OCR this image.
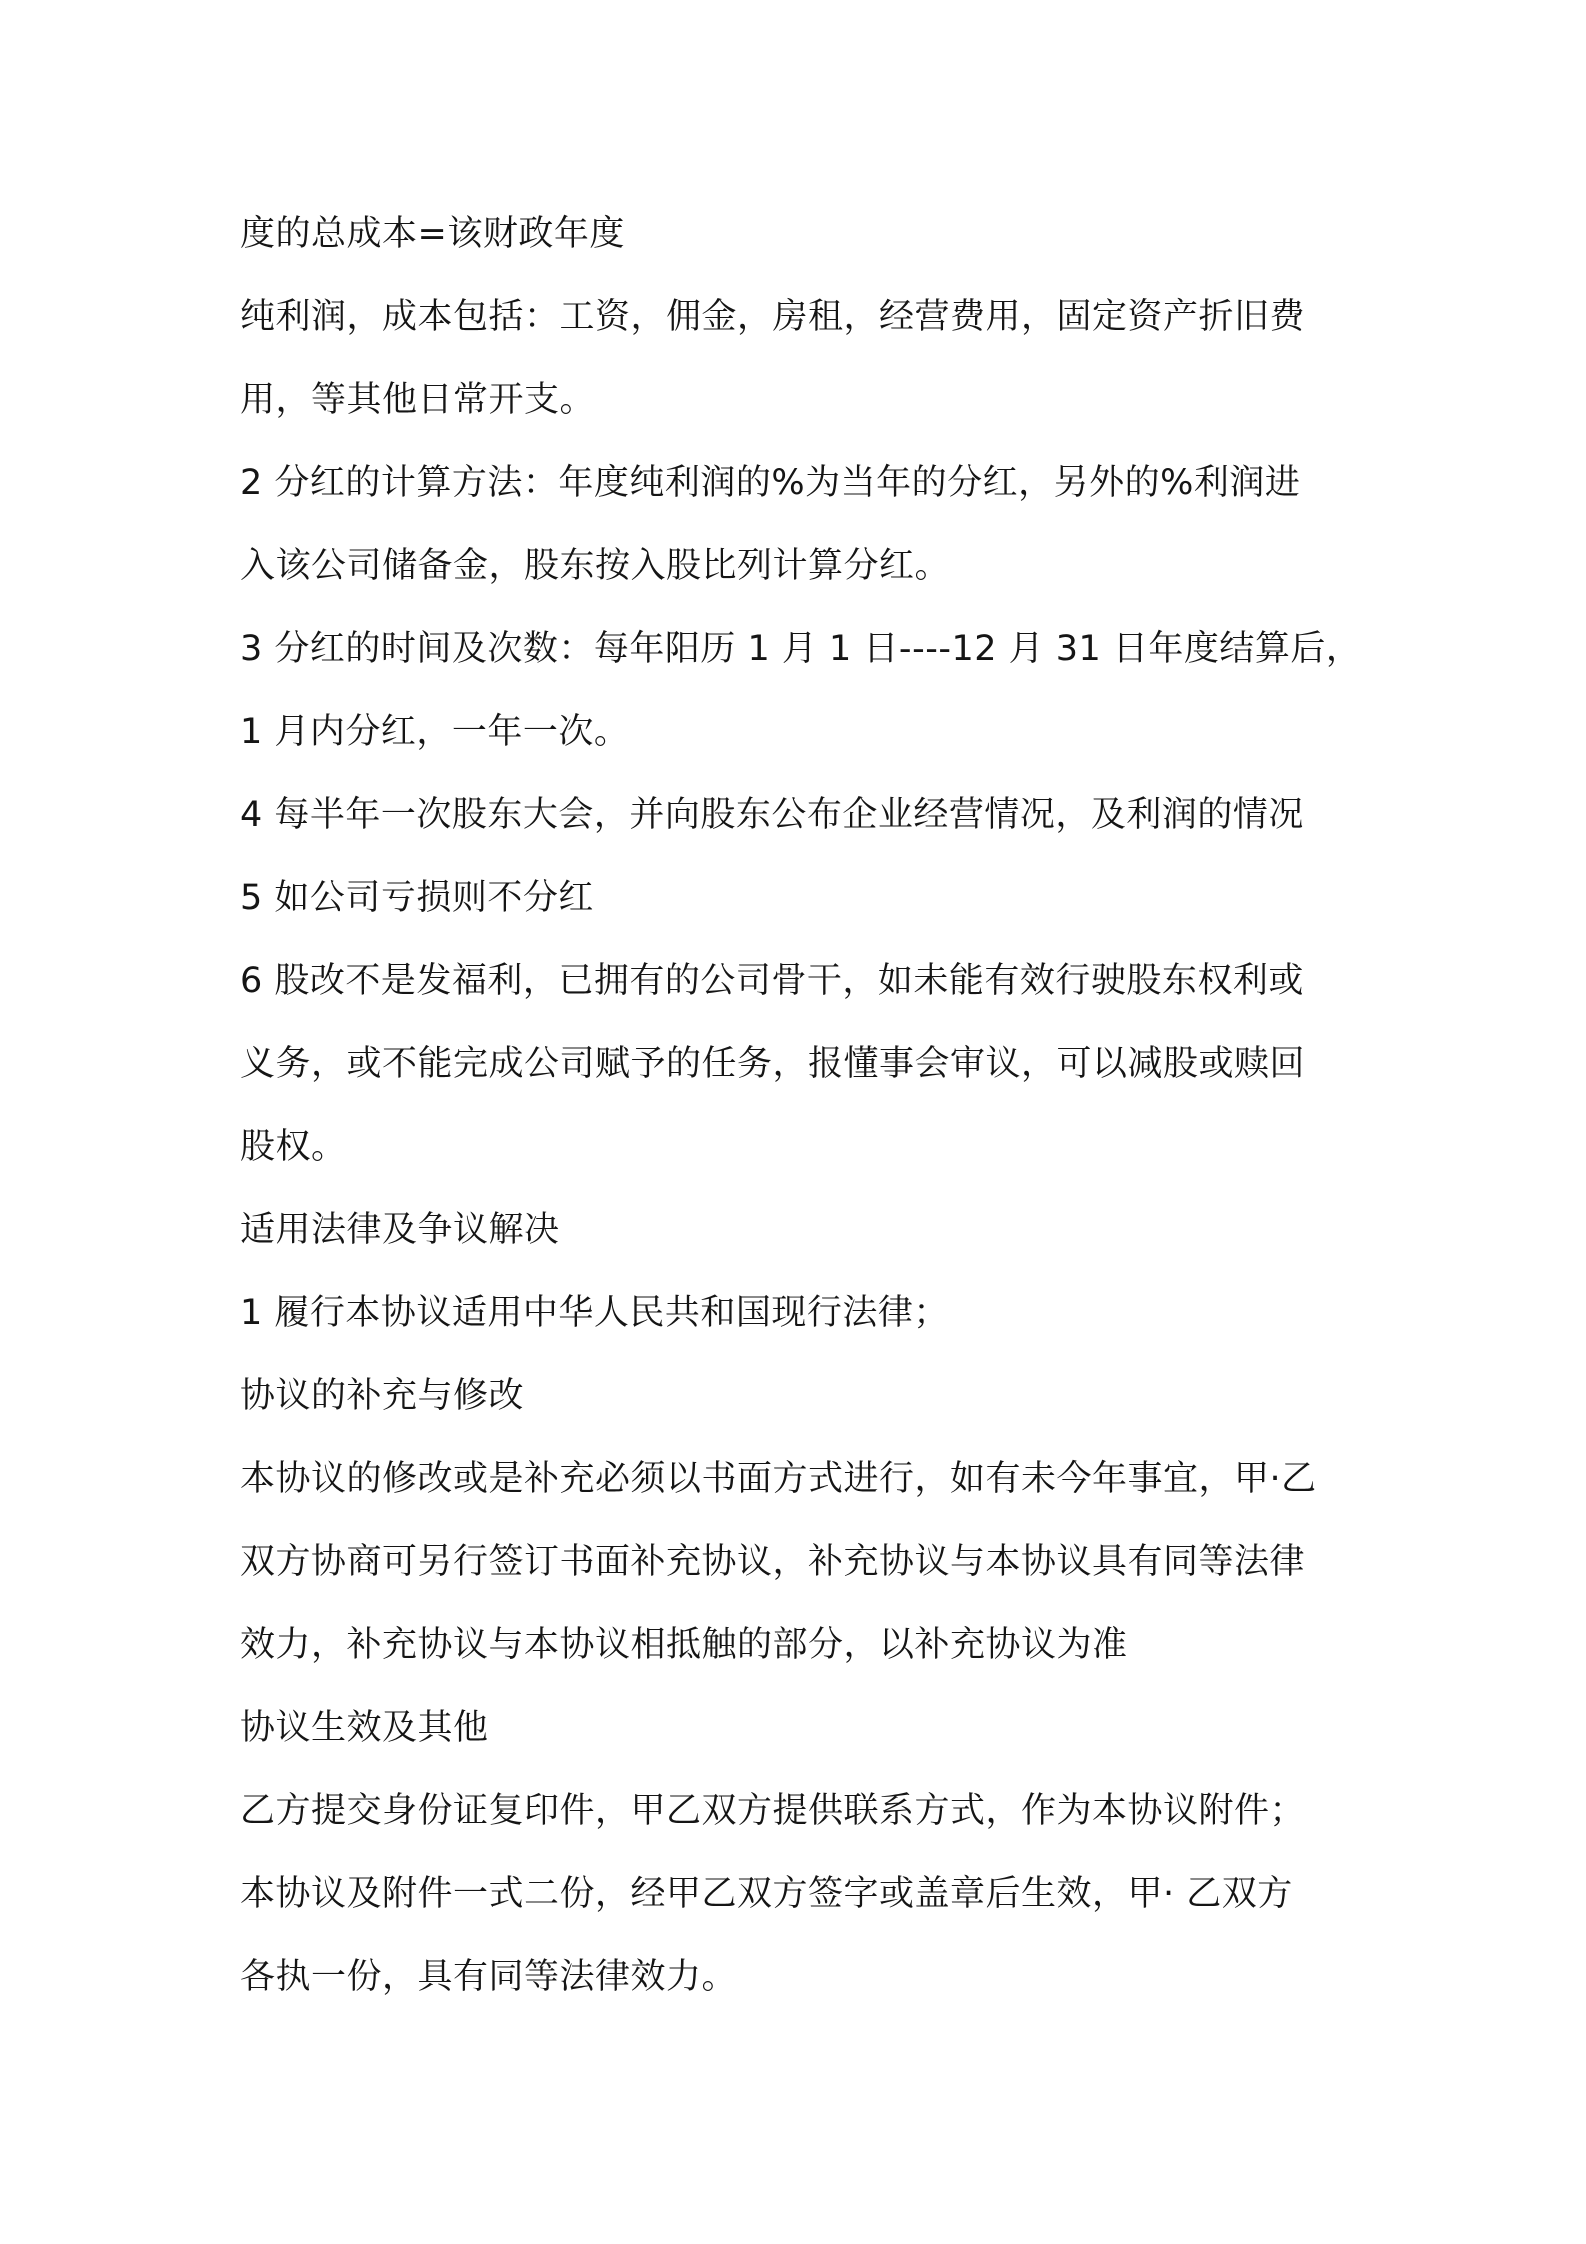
度的总成本=该财政年度
纯利润，成本包括：工资，佣金，房租，经营费用，固定资产折旧费
用，等其他日常开支。
2 分红的计算方法：年度纯利润的%为当年的分红，另外的%利润进
入该公司储备金，股东按入股比列计算分红。
3 分红的时间及次数：每年阳历 1 月 1 日----12 月 31 日年度结算后，
1 月内分红，一年一次。
4 每半年一次股东大会，并向股东公布企业经营情况，及利润的情况
5 如公司亏损则不分红
6 股改不是发福利，已拥有的公司骨干，如未能有效行驶股东权利或
义务，或不能完成公司赋予的任务，报懂事会审议，可以减股或赎回
股权。
适用法律及争议解决
1 履行本协议适用中华人民共和国现行法律；
协议的补充与修改
本协议的修改或是补充必须以书面方式进行，如有未今年事宜，甲·乙
双方协商可另行签订书面补充协议，补充协议与本协议具有同等法律
效力，补充协议与本协议相抵触的部分，以补充协议为准
协议生效及其他
乙方提交身份证复印件，甲乙双方提供联系方式，作为本协议附件；
本协议及附件一式二份，经甲乙双方签字或盖章后生效，甲· 乙双方
各执一份，具有同等法律效力。
